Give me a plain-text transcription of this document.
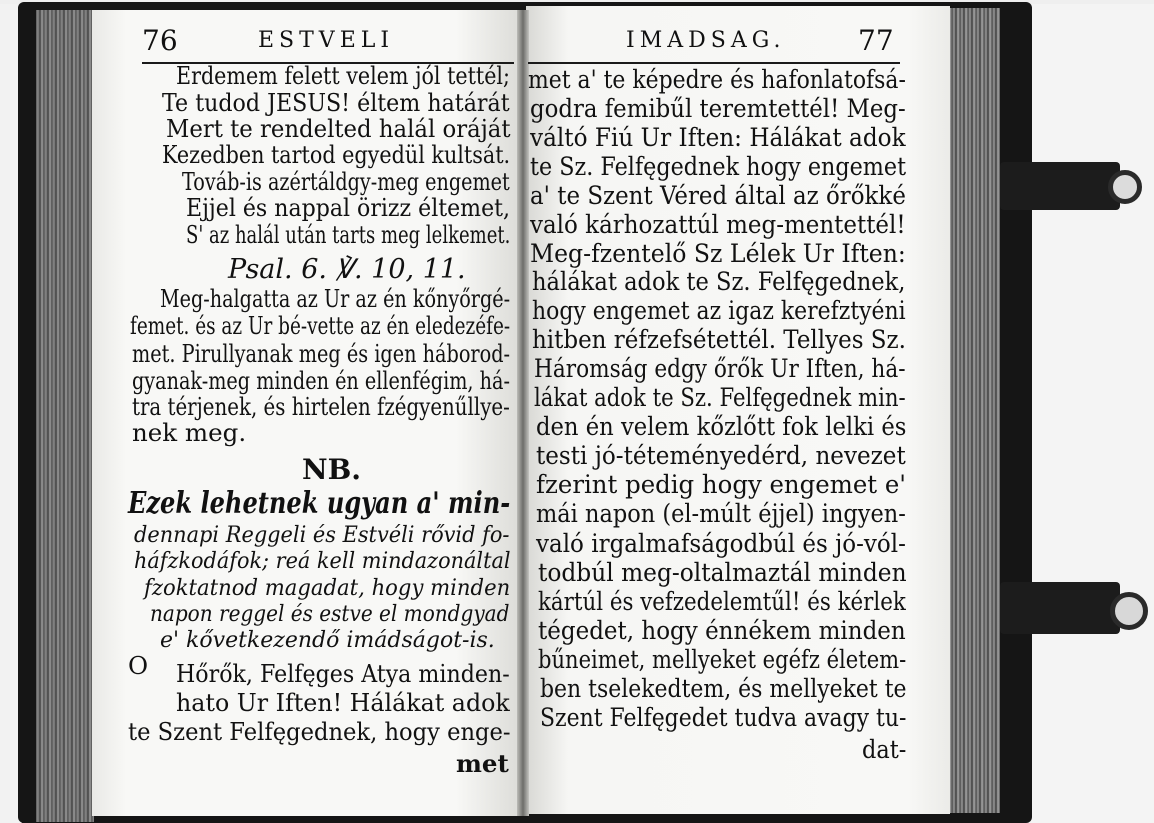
76	ESTVELI	IMADSAG.	77
Erdemem felett velem jól tettél;
Te tudod JESUS! éltem határát
Mert te rendelted halál oráját
Kezedben tartod egyedül kultsát.
Továb-is azértáldgy-meg engemet
Ejjel és nappal örizz éltemet,
S' az halál után tarts meg lelkemet.
Psal. 6. ℣. 10, 11.
Meg-halgatta az Ur az én kőnyőrgé-
femet. és az Ur bé-vette az én eledezéfe-
met. Pirullyanak meg és igen háborod-
gyanak-meg minden én ellenfégim, há-
tra térjenek, és hirtelen fzégyenűllye-
nek meg.
NB.
Ezek lehetnek ugyan a' min-
dennapi Reggeli és Estvéli rővid fo-
háfzkodáfok; reá kell mindazonáltal
fzoktatnod magadat, hogy minden
napon reggel és estve el mondgyad
e' kővetkezendő imádságot-is.
O Hőrők, Felfęges Atya minden-
hato Ur Iften! Hálákat adok
te Szent Felfęgednek, hogy enge-
met
met a' te képedre és hafonlatofsá-
godra femibűl teremtettél! Meg-
váltó Fiú Ur Iften: Hálákat adok
te Sz. Felfęgednek hogy engemet
a' te Szent Véred által az őrőkké
való kárhozattúl meg-mentettél!
Meg-fzentelő Sz Lélek Ur Iften:
hálákat adok te Sz. Felfęgednek,
hogy engemet az igaz kerefztyéni
hitben réfzefsétettél. Tellyes Sz.
Háromság edgy őrők Ur Iften, há-
lákat adok te Sz. Felfęgednek min-
den én velem kőzlőtt fok lelki és
testi jó-téteményedérd, nevezet
fzerint pedig hogy engemet e'
mái napon (el-múlt éjjel) ingyen-
való irgalmafságodbúl és jó-vól-
todbúl meg-oltalmaztál minden
kártúl és vefzedelemtűl! és kérlek
tégedet, hogy énnékem minden
bűneimet, mellyeket egéfz életem-
ben tselekedtem, és mellyeket te
Szent Felfęgedet tudva avagy tu-
dat-
